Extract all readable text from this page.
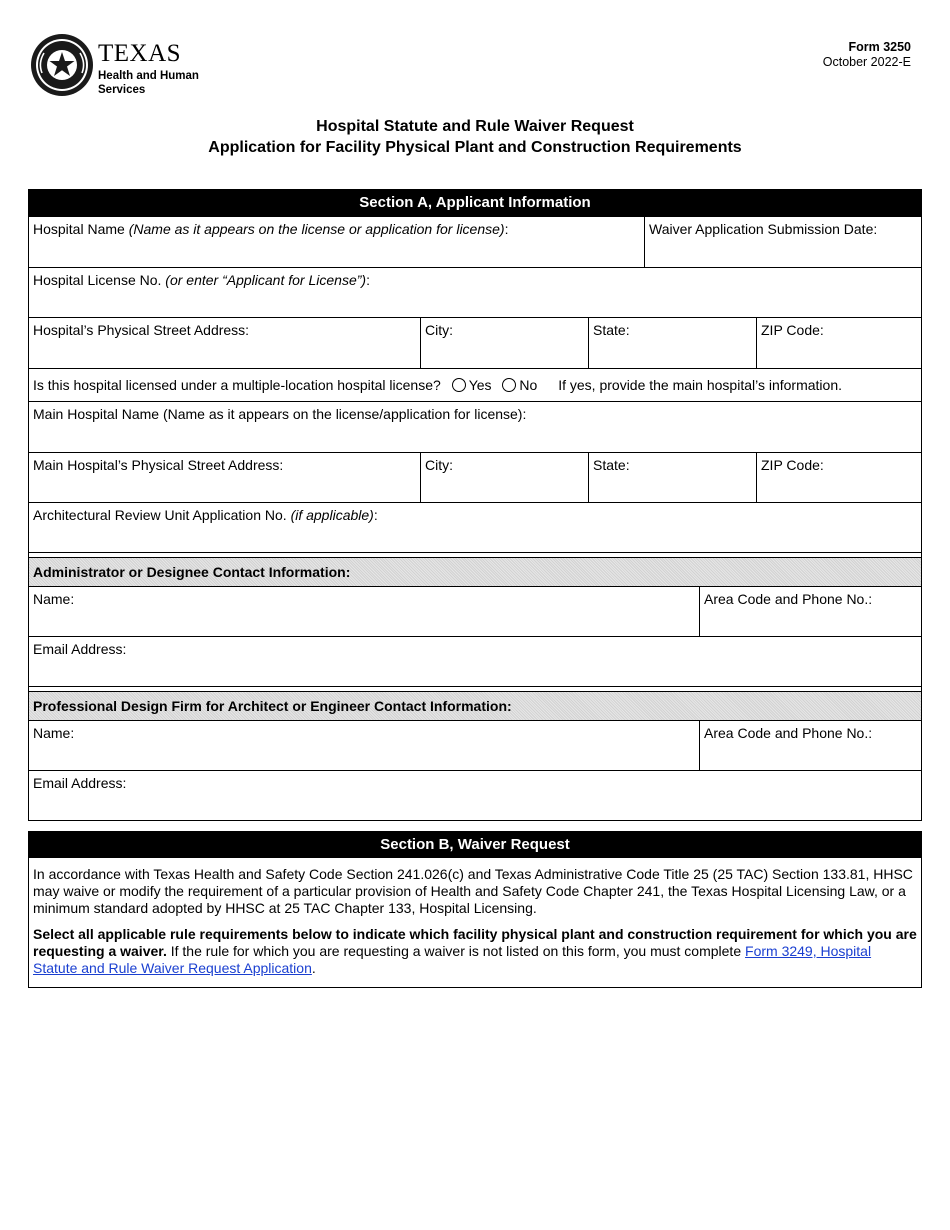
TEXAS
Health and Human
Services
Form 3250
October 2022-E
Hospital Statute and Rule Waiver Request
Application for Facility Physical Plant and Construction Requirements
Section A, Applicant Information
Hospital Name (Name as it appears on the license or application for license):	Waiver Application Submission Date:
Hospital License No. (or enter “Applicant for License”):
Hospital’s Physical Street Address:	City:	State:	ZIP Code:
Is this hospital licensed under a multiple-location hospital license? Yes No If yes, provide the main hospital’s information.
Main Hospital Name (Name as it appears on the license/application for license):
Main Hospital’s Physical Street Address:	City:	State:	ZIP Code:
Architectural Review Unit Application No. (if applicable):
Administrator or Designee Contact Information:
Name:	Area Code and Phone No.:
Email Address:
Professional Design Firm for Architect or Engineer Contact Information:
Name:	Area Code and Phone No.:
Email Address:
Section B, Waiver Request

In accordance with Texas Health and Safety Code Section 241.026(c) and Texas Administrative Code Title 25 (25 TAC) Section 133.81, HHSC may waive or modify the requirement of a particular provision of Health and Safety Code Chapter 241, the Texas Hospital Licensing Law, or a minimum standard adopted by HHSC at 25 TAC Chapter 133, Hospital Licensing.

Select all applicable rule requirements below to indicate which facility physical plant and construction requirement for which you are requesting a waiver. If the rule for which you are requesting a waiver is not listed on this form, you must complete Form 3249, Hospital Statute and Rule Waiver Request Application.
